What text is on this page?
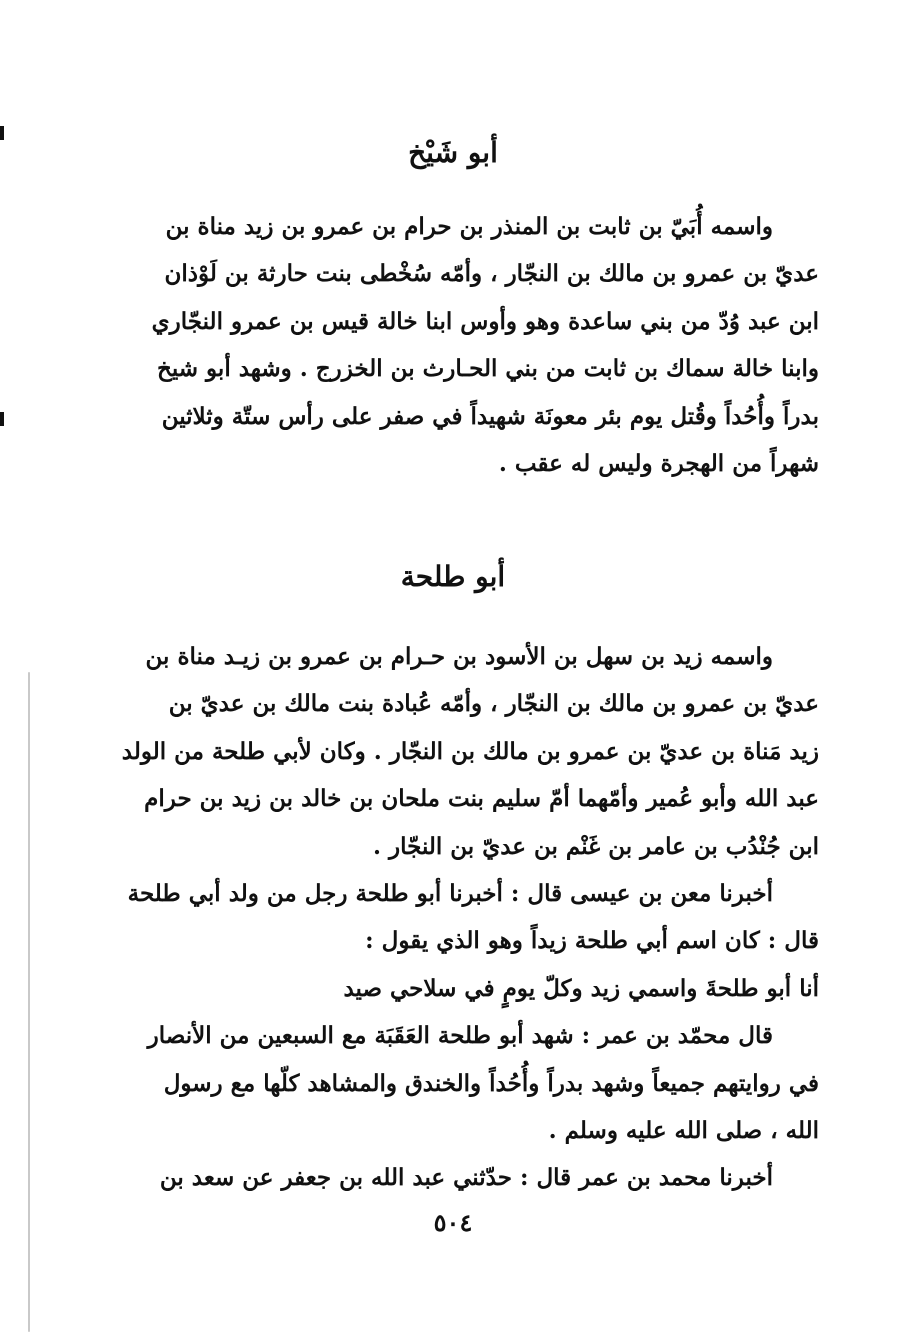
أبو شَيْخ
واسمه أُبَيّ بن ثابت بن المنذر بن حرام بن عمرو بن زيد مناة بن
عديّ بن عمرو بن مالك بن النجّار ، وأمّه سُخْطى بنت حارثة بن لَوْذان
ابن عبد وُدّ من بني ساعدة وهو وأوس ابنا خالة قيس بن عمرو النجّاري
وابنا خالة سماك بن ثابت من بني الحـارث بن الخزرج . وشهد أبو شيخ
بدراً وأُحُداً وقُتل يوم بئر معونَة شهيداً في صفر على رأس ستّة وثلاثين
شهراً من الهجرة وليس له عقب .
أبو طلحة
واسمه زيد بن سهل بن الأسود بن حـرام بن عمرو بن زيـد مناة بن
عديّ بن عمرو بن مالك بن النجّار ، وأمّه عُبادة بنت مالك بن عديّ بن
زيد مَناة بن عديّ بن عمرو بن مالك بن النجّار . وكان لأبي طلحة من الولد
عبد الله وأبو عُمير وأمّهما أمّ سليم بنت ملحان بن خالد بن زيد بن حرام
ابن جُنْدُب بن عامر بن غَنْم بن عديّ بن النجّار .
أخبرنا معن بن عيسى قال : أخبرنا أبو طلحة رجل من ولد أبي طلحة
قال : كان اسم أبي طلحة زيداً وهو الذي يقول :
أنا أبو طلحةَ واسمي زيد وكلّ يومٍ في سلاحي صيد
قال محمّد بن عمر : شهد أبو طلحة العَقَبَة مع السبعين من الأنصار
في روايتهم جميعاً وشهد بدراً وأُحُداً والخندق والمشاهد كلّها مع رسول
الله ، صلى الله عليه وسلم .
أخبرنا محمد بن عمر قال : حدّثني عبد الله بن جعفر عن سعد بن
٥٠٤
